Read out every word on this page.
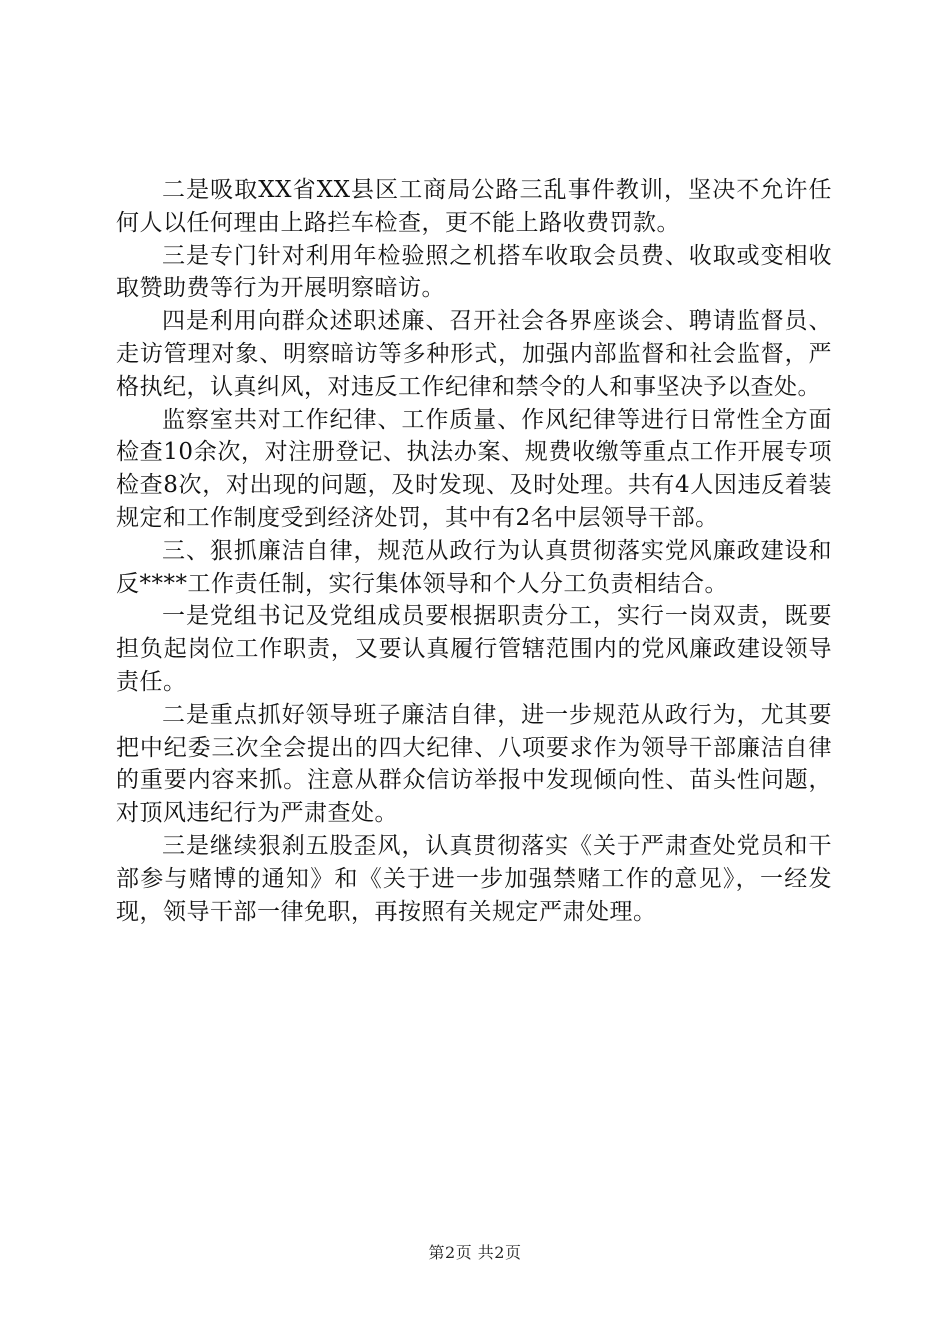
二是吸取XX省XX县区工商局公路三乱事件教训，坚决不允许任何人以任何理由上路拦车检查，更不能上路收费罚款。

三是专门针对利用年检验照之机搭车收取会员费、收取或变相收取赞助费等行为开展明察暗访。

四是利用向群众述职述廉、召开社会各界座谈会、聘请监督员、走访管理对象、明察暗访等多种形式，加强内部监督和社会监督，严格执纪，认真纠风，对违反工作纪律和禁令的人和事坚决予以查处。

监察室共对工作纪律、工作质量、作风纪律等进行日常性全方面检查10余次，对注册登记、执法办案、规费收缴等重点工作开展专项检查8次，对出现的问题，及时发现、及时处理。共有4人因违反着装规定和工作制度受到经济处罚，其中有2名中层领导干部。

三、狠抓廉洁自律，规范从政行为认真贯彻落实党风廉政建设和反****工作责任制，实行集体领导和个人分工负责相结合。

一是党组书记及党组成员要根据职责分工，实行一岗双责，既要担负起岗位工作职责，又要认真履行管辖范围内的党风廉政建设领导责任。

二是重点抓好领导班子廉洁自律，进一步规范从政行为，尤其要把中纪委三次全会提出的四大纪律、八项要求作为领导干部廉洁自律的重要内容来抓。注意从群众信访举报中发现倾向性、苗头性问题，对顶风违纪行为严肃查处。

三是继续狠刹五股歪风，认真贯彻落实《关于严肃查处党员和干部参与赌博的通知》和《关于进一步加强禁赌工作的意见》，一经发现，领导干部一律免职，再按照有关规定严肃处理。

第2页 共2页
